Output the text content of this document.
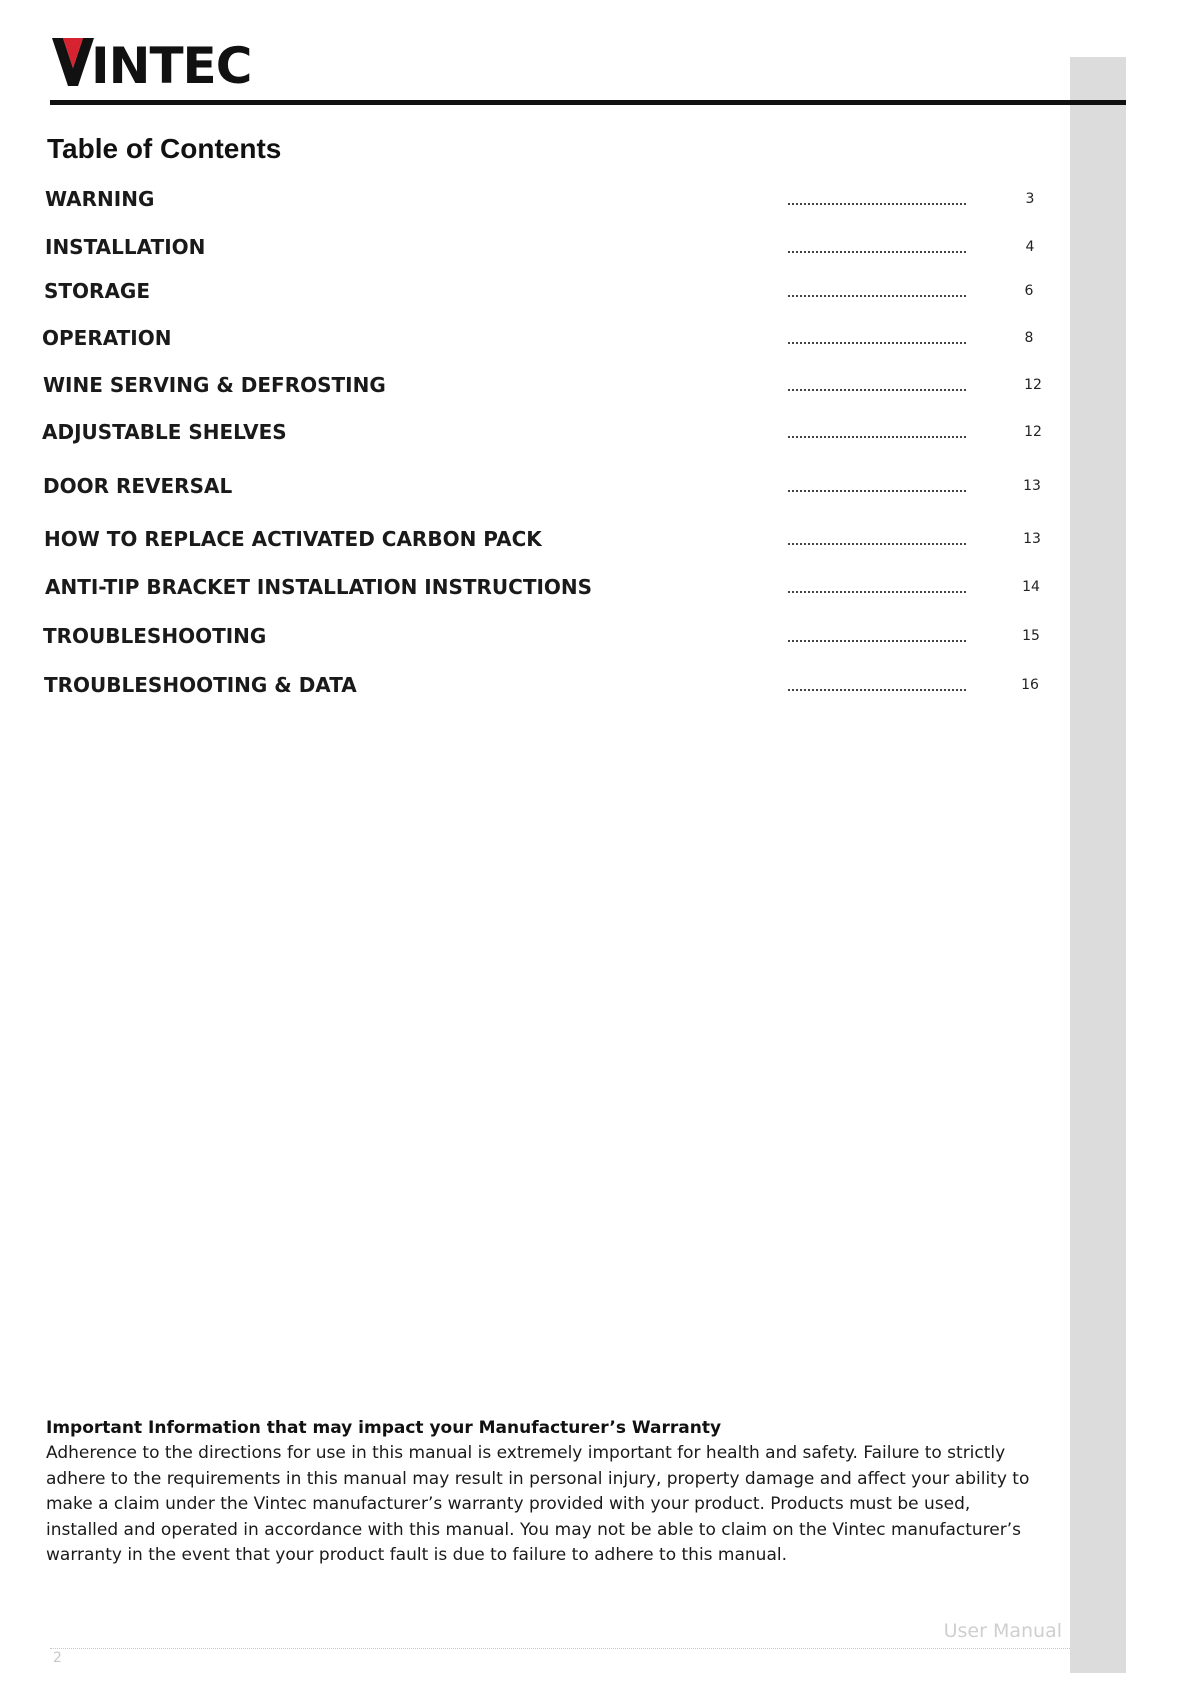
INTEC
Table of Contents
WARNING	3
INSTALLATION	4
STORAGE	6
OPERATION	8
WINE SERVING & DEFROSTING	12
ADJUSTABLE SHELVES	12
DOOR REVERSAL	13
HOW TO REPLACE ACTIVATED CARBON PACK	13
ANTI-TIP BRACKET INSTALLATION INSTRUCTIONS	14
TROUBLESHOOTING	15
TROUBLESHOOTING & DATA	16

Important Information that may impact your Manufacturer’s Warranty

Adherence to the directions for use in this manual is extremely important for health and safety. Failure to strictly
adhere to the requirements in this manual may result in personal injury, property damage and affect your ability to
make a claim under the Vintec manufacturer’s warranty provided with your product. Products must be used,
installed and operated in accordance with this manual. You may not be able to claim on the Vintec manufacturer’s
warranty in the event that your product fault is due to failure to adhere to this manual.
User Manual
2
